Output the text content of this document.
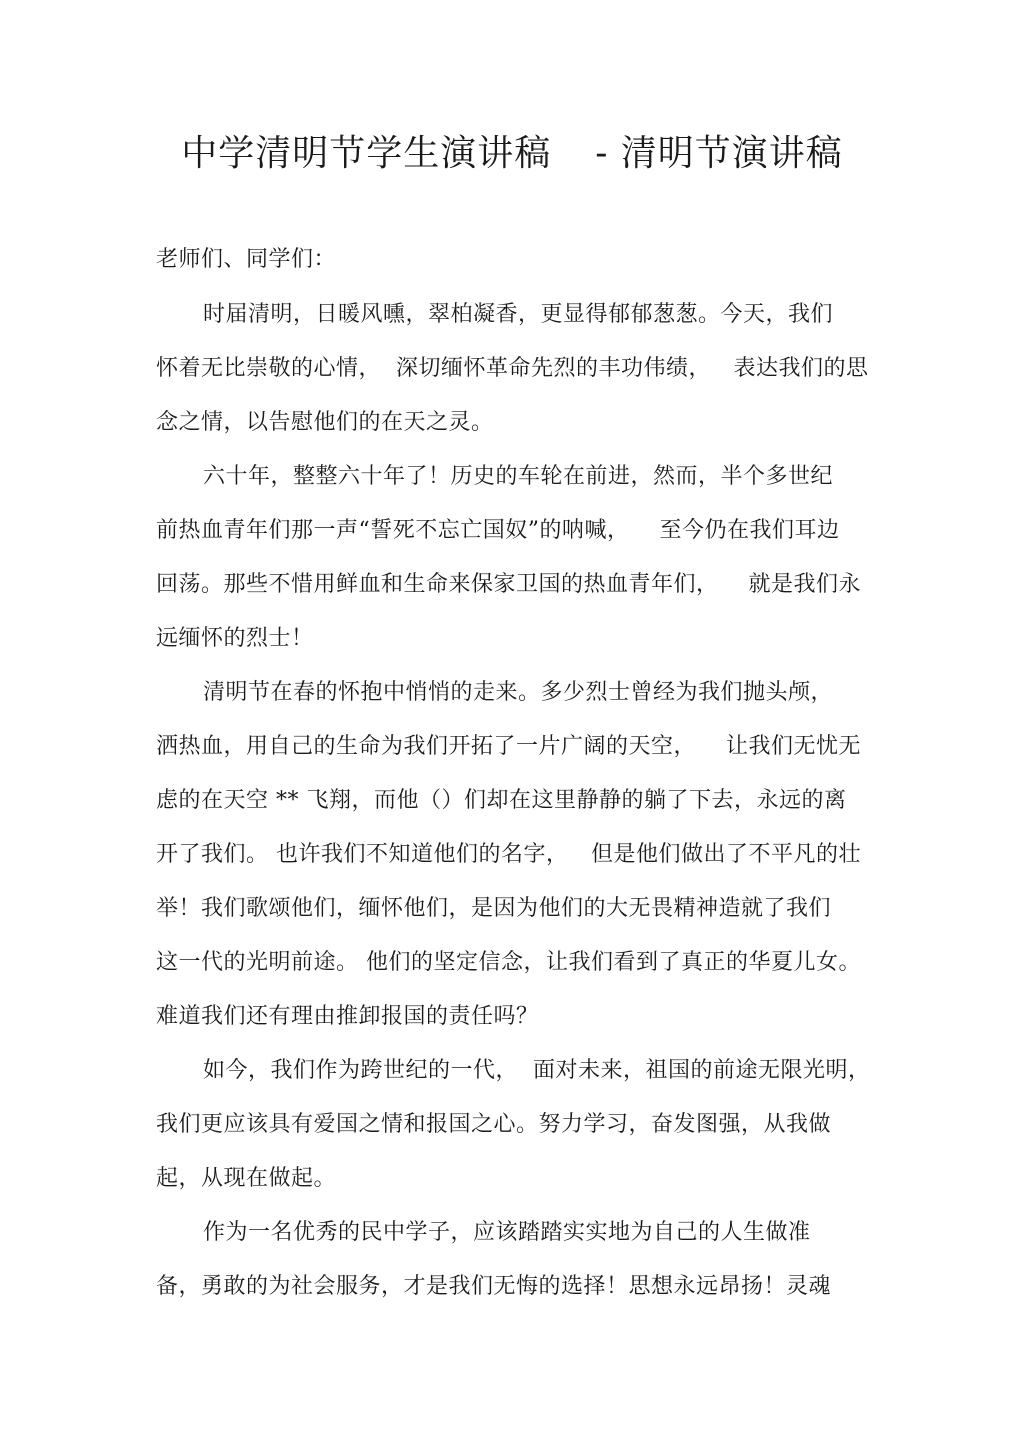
中学清明节学生演讲稿 - 清明节演讲稿
老师们、同学们：
时届清明，日暖风曛，翠柏凝香，更显得郁郁葱葱。今天，我们
怀着无比崇敬的心情，  深切缅怀革命先烈的丰功伟绩，   表达我们的思
念之情，以告慰他们的在天之灵。
六十年，整整六十年了！历史的车轮在前进，然而，半个多世纪
前热血青年们那一声“誓死不忘亡国奴”的呐喊，    至今仍在我们耳边
回荡。那些不惜用鲜血和生命来保家卫国的热血青年们，    就是我们永
远缅怀的烈士！
清明节在春的怀抱中悄悄的走来。多少烈士曾经为我们抛头颅，
洒热血，用自己的生命为我们开拓了一片广阔的天空，    让我们无忧无
虑的在天空 ** 飞翔，而他（）们却在这里静静的躺了下去，永远的离
开了我们。 也许我们不知道他们的名字，   但是他们做出了不平凡的壮
举！我们歌颂他们，缅怀他们，是因为他们的大无畏精神造就了我们
这一代的光明前途。 他们的坚定信念，让我们看到了真正的华夏儿女。
难道我们还有理由推卸报国的责任吗？
如今，我们作为跨世纪的一代，  面对未来，祖国的前途无限光明，
我们更应该具有爱国之情和报国之心。努力学习，奋发图强，从我做
起，从现在做起。
作为一名优秀的民中学子，应该踏踏实实地为自己的人生做准
备，勇敢的为社会服务，才是我们无悔的选择！思想永远昂扬！灵魂
